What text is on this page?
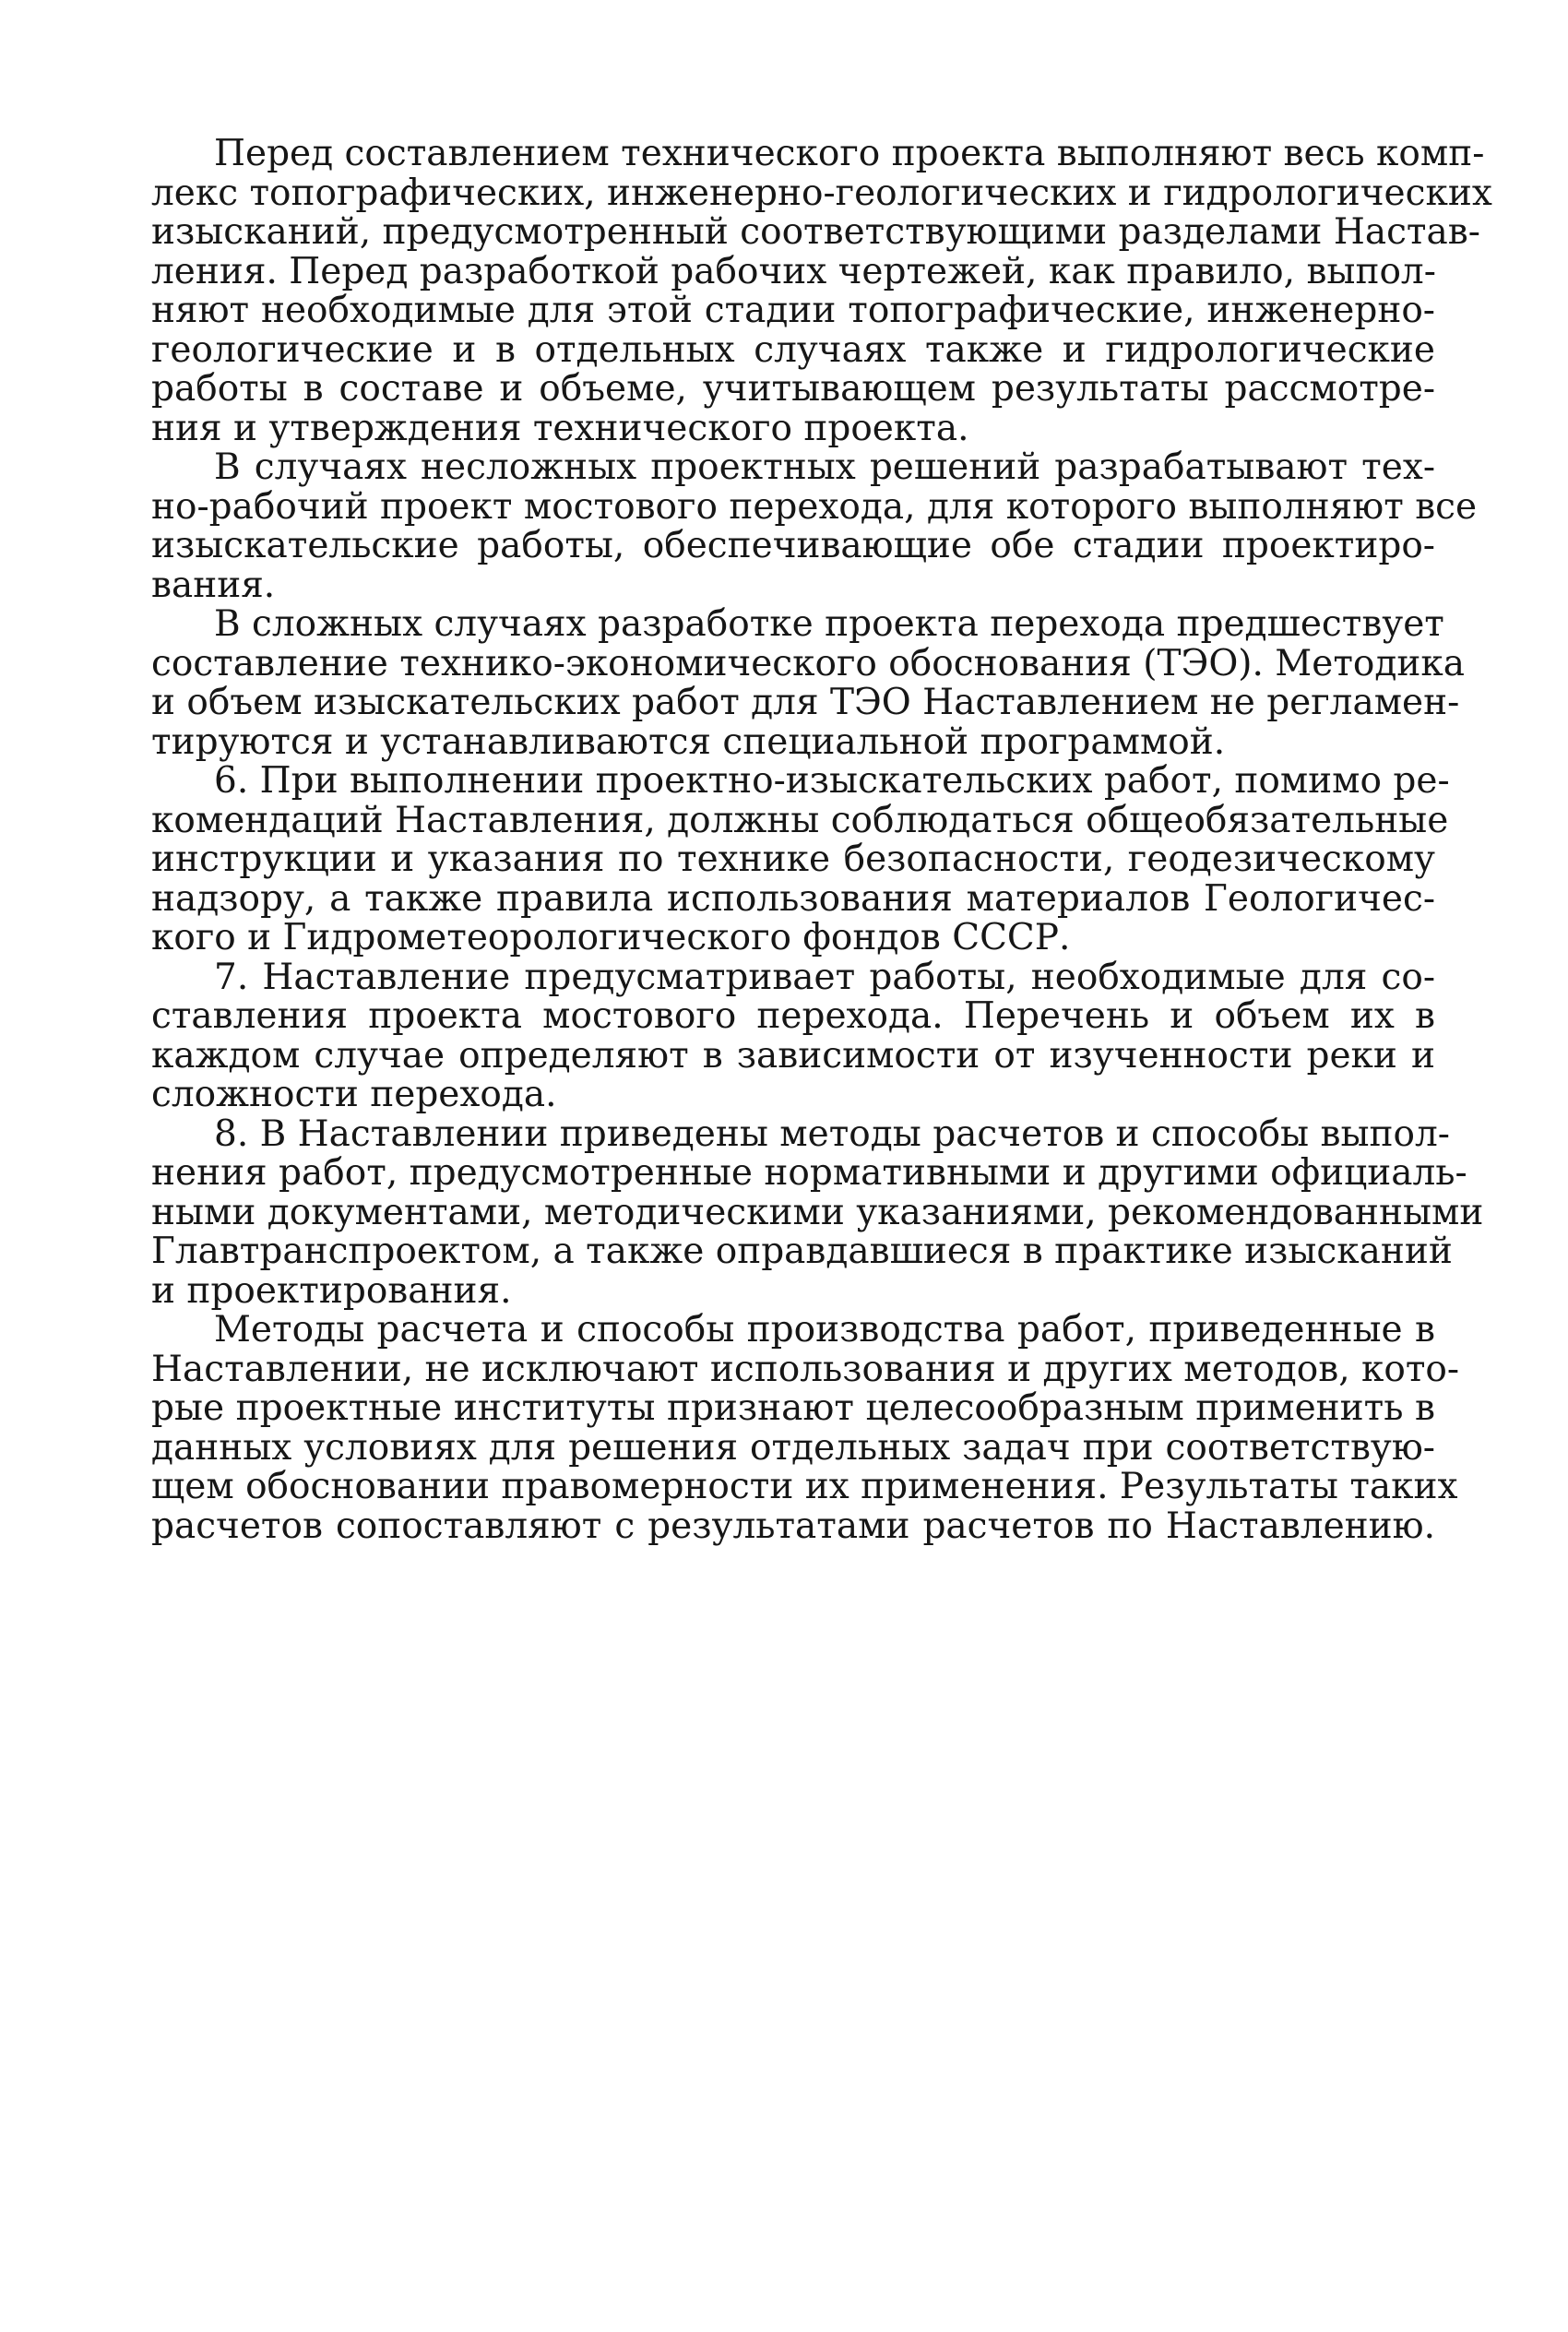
Перед составлением технического проекта выполняют весь комп-
лекс топографических, инженерно-геологических и гидрологических
изысканий, предусмотренный соответствующими разделами Настав-
ления. Перед разработкой рабочих чертежей, как правило, выпол-
няют необходимые для этой стадии топографические, инженерно-
геологические и в отдельных случаях также и гидрологические
работы в составе и объеме, учитывающем результаты рассмотре-
ния и утверждения технического проекта.

В случаях несложных проектных решений разрабатывают тех-
но-рабочий проект мостового перехода, для которого выполняют все
изыскательские работы, обеспечивающие обе стадии проектиро-
вания.

В сложных случаях разработке проекта перехода предшествует
составление технико-экономического обоснования (ТЭО). Методика
и объем изыскательских работ для ТЭО Наставлением не регламен-
тируются и устанавливаются специальной программой.

6. При выполнении проектно-изыскательских работ, помимо ре-
комендаций Наставления, должны соблюдаться общеобязательные
инструкции и указания по технике безопасности, геодезическому
надзору, а также правила использования материалов Геологичес-
кого и Гидрометеорологического фондов СССР.

7. Наставление предусматривает работы, необходимые для со-
ставления проекта мостового перехода. Перечень и объем их в
каждом случае определяют в зависимости от изученности реки и
сложности перехода.

8. В Наставлении приведены методы расчетов и способы выпол-
нения работ, предусмотренные нормативными и другими официаль-
ными документами, методическими указаниями, рекомендованными
Главтранспроектом, а также оправдавшиеся в практике изысканий
и проектирования.

Методы расчета и способы производства работ, приведенные в
Наставлении, не исключают использования и других методов, кото-
рые проектные институты признают целесообразным применить в
данных условиях для решения отдельных задач при соответствую-
щем обосновании правомерности их применения. Результаты таких
расчетов сопоставляют с результатами расчетов по Наставлению.
